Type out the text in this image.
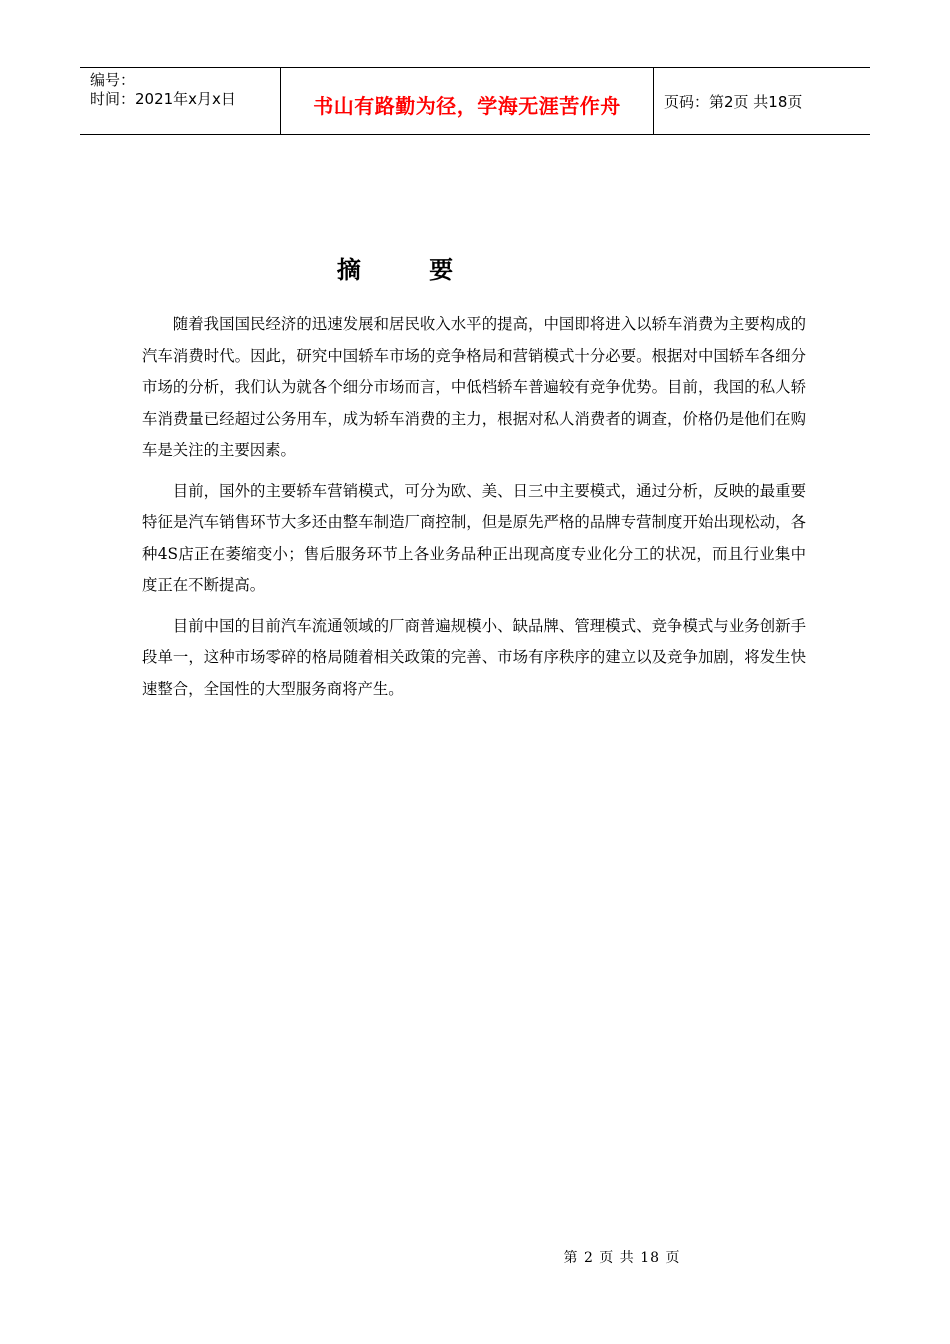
编号：
时间：2021年x月x日	书山有路勤为径，学海无涯苦作舟	页码：第2页 共18页
摘 要

随着我国国民经济的迅速发展和居民收入水平的提高，中国即将进入以轿车消费为主要构成的汽车消费时代。因此，研究中国轿车市场的竞争格局和营销模式十分必要。根据对中国轿车各细分市场的分析，我们认为就各个细分市场而言，中低档轿车普遍较有竞争优势。目前，我国的私人轿车消费量已经超过公务用车，成为轿车消费的主力，根据对私人消费者的调查，价格仍是他们在购车是关注的主要因素。

目前，国外的主要轿车营销模式，可分为欧、美、日三中主要模式，通过分析，反映的最重要特征是汽车销售环节大多还由整车制造厂商控制，但是原先严格的品牌专营制度开始出现松动，各种4S店正在萎缩变小；售后服务环节上各业务品种正出现高度专业化分工的状况，而且行业集中度正在不断提高。

目前中国的目前汽车流通领域的厂商普遍规模小、缺品牌、管理模式、竞争模式与业务创新手段单一，这种市场零碎的格局随着相关政策的完善、市场有序秩序的建立以及竞争加剧，将发生快速整合，全国性的大型服务商将产生。

第 2 页 共 18 页
